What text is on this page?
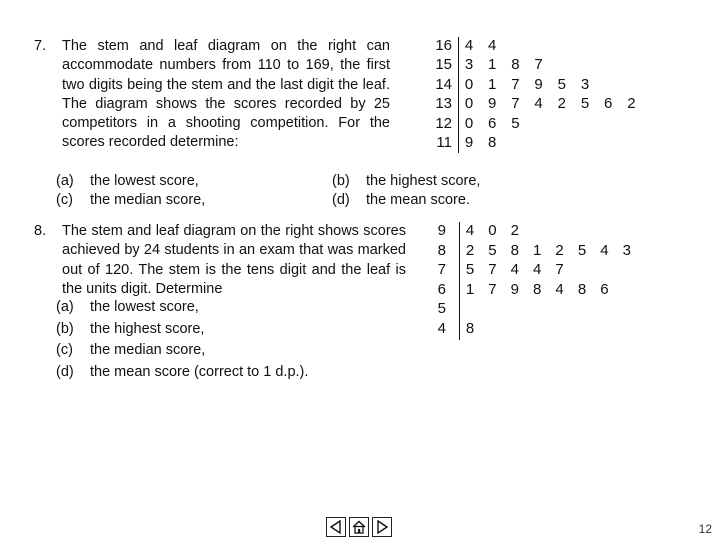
7. The stem and leaf diagram on the right can accommodate numbers from 110 to 169, the first two digits being the stem and the last digit the leaf. The diagram shows the scores recorded by 25 competitors in a shooting competition. For the scores recorded determine:
(a) the lowest score,	(b) the highest score,
(c) the median score,	(d) the mean score.
16 4 4
15 3 1 8 7
14 0 1 7 9 5 3
13 0 9 7 4 2 5 6 2
12 0 6 5
11 9 8
8. The stem and leaf diagram on the right shows scores achieved by 24 students in an exam that was marked out of 120. The stem is the tens digit and the leaf is the units digit. Determine
(a) the lowest score,
(b) the highest score,
(c) the median score,
(d) the mean score (correct to 1 d.p.).
9 4 0 2
8 2 5 8 1 2 5 4 3
7 5 7 4 4 7
6 1 7 9 8 4 8 6
5
4 8
12
